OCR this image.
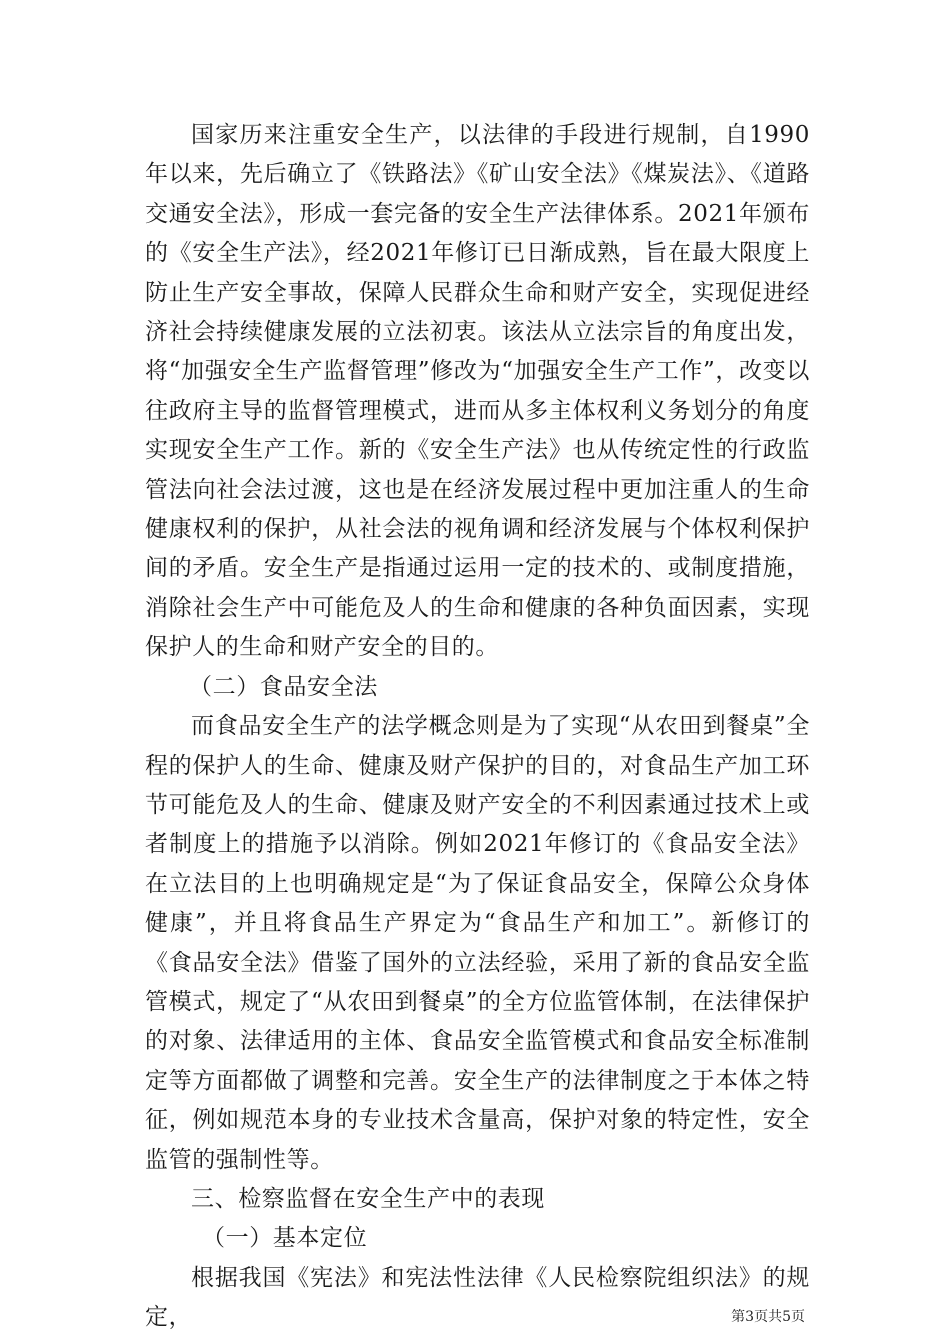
国家历来注重安全生产，以法律的手段进行规制，自1990年以来，先后确立了《铁路法》《矿山安全法》《煤炭法》、《道路交通安全法》，形成一套完备的安全生产法律体系。2021年颁布的《安全生产法》，经2021年修订已日渐成熟，旨在最大限度上防止生产安全事故，保障人民群众生命和财产安全，实现促进经济社会持续健康发展的立法初衷。该法从立法宗旨的角度出发，将“加强安全生产监督管理”修改为“加强安全生产工作”，改变以往政府主导的监督管理模式，进而从多主体权利义务划分的角度实现安全生产工作。新的《安全生产法》也从传统定性的行政监管法向社会法过渡，这也是在经济发展过程中更加注重人的生命健康权利的保护，从社会法的视角调和经济发展与个体权利保护间的矛盾。安全生产是指通过运用一定的技术的、或制度措施，消除社会生产中可能危及人的生命和健康的各种负面因素，实现保护人的生命和财产安全的目的。

（二）食品安全法

而食品安全生产的法学概念则是为了实现“从农田到餐桌”全程的保护人的生命、健康及财产保护的目的，对食品生产加工环节可能危及人的生命、健康及财产安全的不利因素通过技术上或者制度上的措施予以消除。例如2021年修订的《食品安全法》在立法目的上也明确规定是“为了保证食品安全，保障公众身体健康”，并且将食品生产界定为“食品生产和加工”。新修订的《食品安全法》借鉴了国外的立法经验，采用了新的食品安全监管模式，规定了“从农田到餐桌”的全方位监管体制，在法律保护的对象、法律适用的主体、食品安全监管模式和食品安全标准制定等方面都做了调整和完善。安全生产的法律制度之于本体之特征，例如规范本身的专业技术含量高，保护对象的特定性，安全监管的强制性等。

三、检察监督在安全生产中的表现

（一）基本定位

根据我国《宪法》和宪法性法律《人民检察院组织法》的规定，	第3页共5页
